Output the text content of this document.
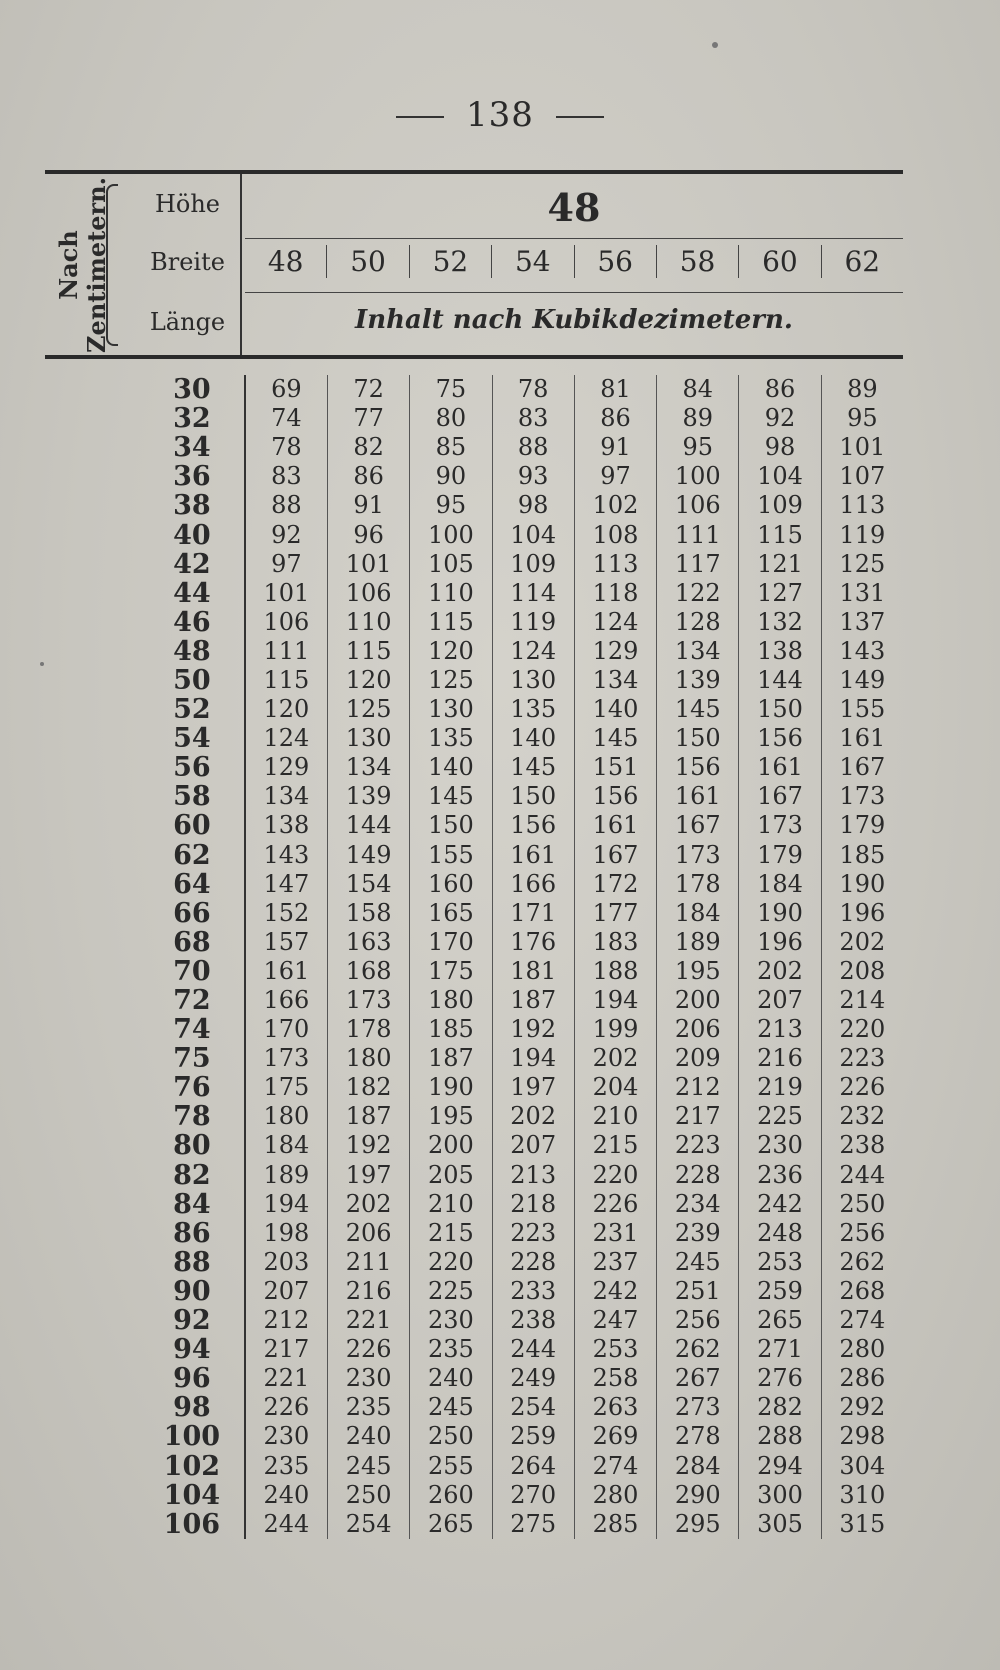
138
Nach Zentimetern.	Höhe
Breite
Länge
48
48	50	52	54	56	58	60	62
Inhalt nach Kubikdezimetern.
30	69	72	75	78	81	84	86	89
32	74	77	80	83	86	89	92	95
34	78	82	85	88	91	95	98	101
36	83	86	90	93	97	100	104	107
38	88	91	95	98	102	106	109	113
40	92	96	100	104	108	111	115	119
42	97	101	105	109	113	117	121	125
44	101	106	110	114	118	122	127	131
46	106	110	115	119	124	128	132	137
48	111	115	120	124	129	134	138	143
50	115	120	125	130	134	139	144	149
52	120	125	130	135	140	145	150	155
54	124	130	135	140	145	150	156	161
56	129	134	140	145	151	156	161	167
58	134	139	145	150	156	161	167	173
60	138	144	150	156	161	167	173	179
62	143	149	155	161	167	173	179	185
64	147	154	160	166	172	178	184	190
66	152	158	165	171	177	184	190	196
68	157	163	170	176	183	189	196	202
70	161	168	175	181	188	195	202	208
72	166	173	180	187	194	200	207	214
74	170	178	185	192	199	206	213	220
75	173	180	187	194	202	209	216	223
76	175	182	190	197	204	212	219	226
78	180	187	195	202	210	217	225	232
80	184	192	200	207	215	223	230	238
82	189	197	205	213	220	228	236	244
84	194	202	210	218	226	234	242	250
86	198	206	215	223	231	239	248	256
88	203	211	220	228	237	245	253	262
90	207	216	225	233	242	251	259	268
92	212	221	230	238	247	256	265	274
94	217	226	235	244	253	262	271	280
96	221	230	240	249	258	267	276	286
98	226	235	245	254	263	273	282	292
100	230	240	250	259	269	278	288	298
102	235	245	255	264	274	284	294	304
104	240	250	260	270	280	290	300	310
106	244	254	265	275	285	295	305	315
